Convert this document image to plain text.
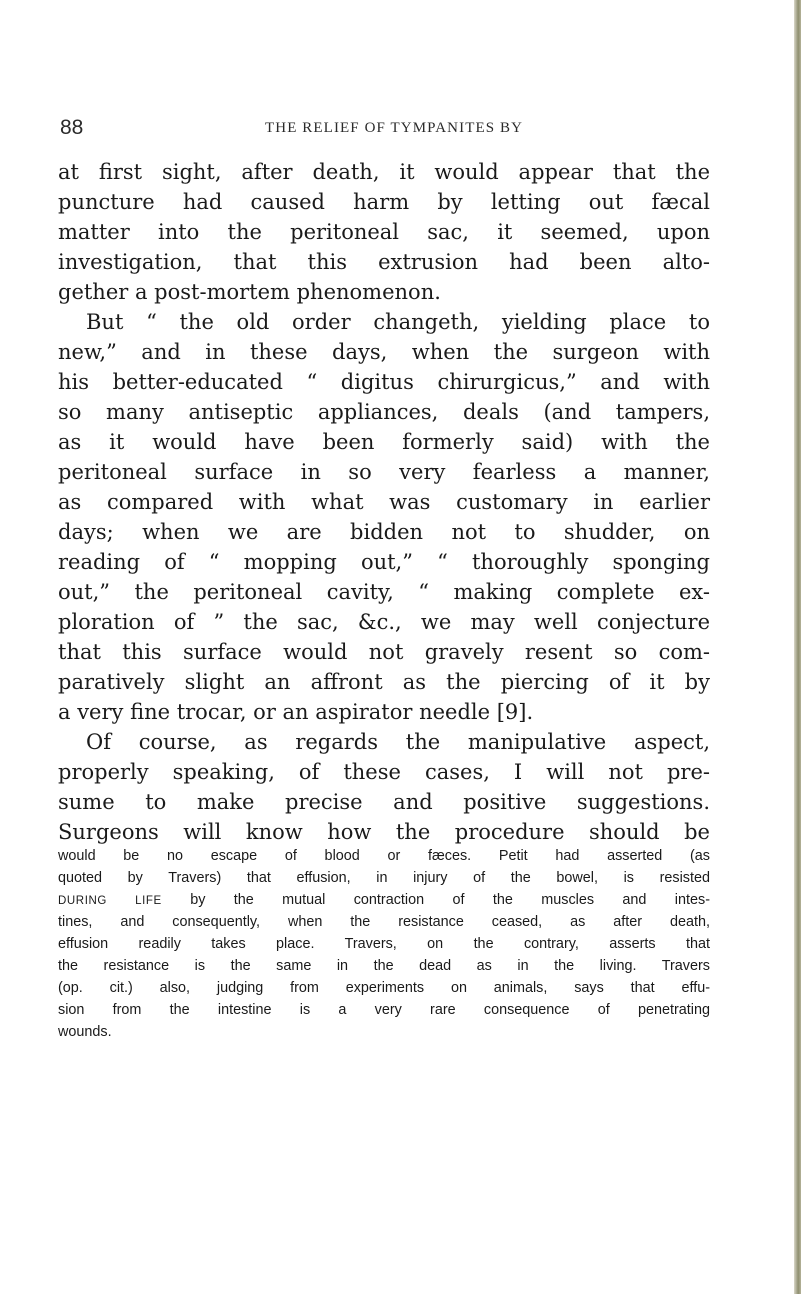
88	THE RELIEF OF TYMPANITES BY
at first sight, after death, it would appear that the
puncture had caused harm by letting out fæcal
matter into the peritoneal sac, it seemed, upon
investigation, that this extrusion had been alto-
gether a post-mortem phenomenon.
But “ the old order changeth, yielding place to
new,” and in these days, when the surgeon with
his better-educated “ digitus chirurgicus,” and with
so many antiseptic appliances, deals (and tampers,
as it would have been formerly said) with the
peritoneal surface in so very fearless a manner,
as compared with what was customary in earlier
days; when we are bidden not to shudder, on
reading of “ mopping out,” “ thoroughly sponging
out,” the peritoneal cavity, “ making complete ex-
ploration of ” the sac, &c., we may well conjecture
that this surface would not gravely resent so com-
paratively slight an affront as the piercing of it by
a very fine trocar, or an aspirator needle [9].
Of course, as regards the manipulative aspect,
properly speaking, of these cases, I will not pre-
sume to make precise and positive suggestions.
Surgeons will know how the procedure should be
would be no escape of blood or fæces. Petit had asserted (as
quoted by Travers) that effusion, in injury of the bowel, is resisted
DURING LIFE by the mutual contraction of the muscles and intes-
tines, and consequently, when the resistance ceased, as after death,
effusion readily takes place. Travers, on the contrary, asserts that
the resistance is the same in the dead as in the living. Travers
(op. cit.) also, judging from experiments on animals, says that effu-
sion from the intestine is a very rare consequence of penetrating
wounds.
